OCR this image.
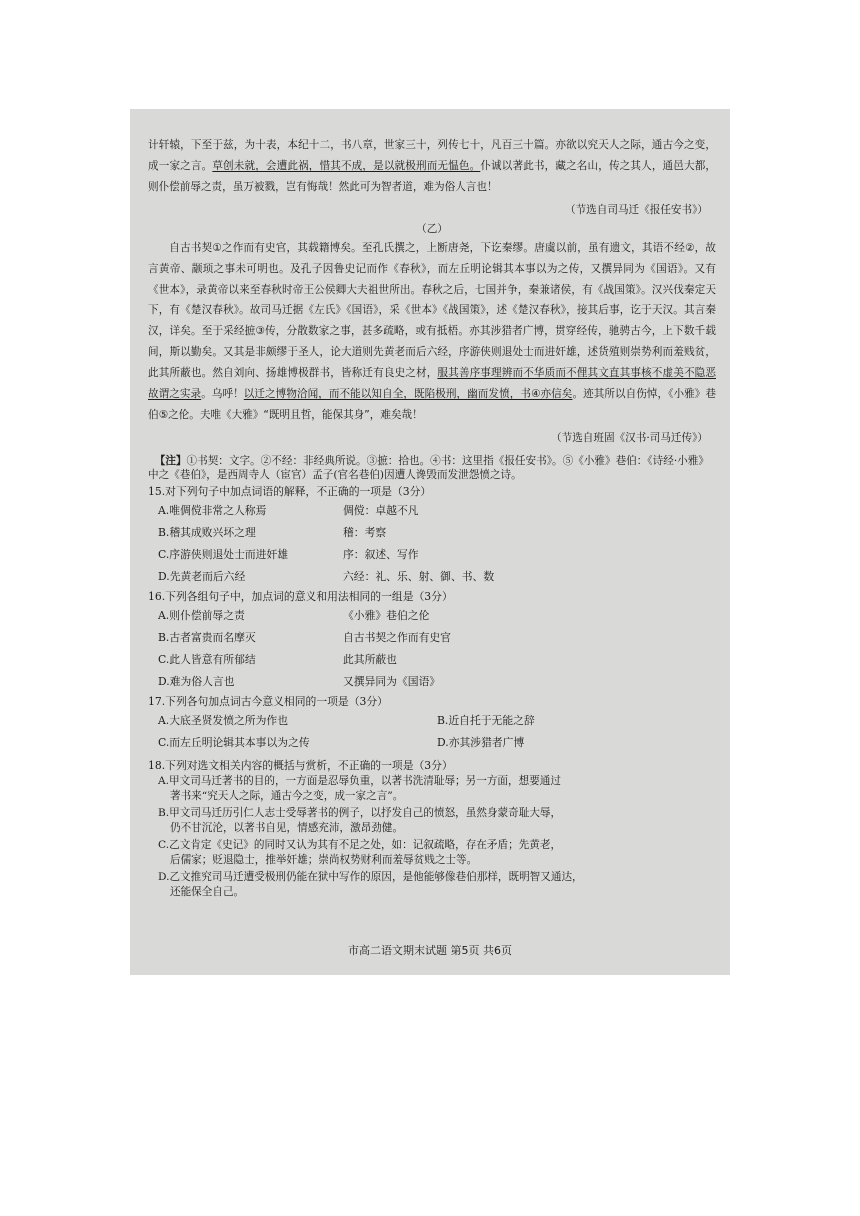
计轩辕，下至于兹，为十表，本纪十二，书八章，世家三十，列传七十，凡百三十篇。亦欲以究天人之际，通古今之变，成一家之言。草创未就，会遭此祸，惜其不成，是以就极刑而无愠色。仆诚以著此书，藏之名山，传之其人，通邑大都，则仆偿前辱之责，虽万被戮，岂有悔哉！然此可为智者道，难为俗人言也！

（节选自司马迁《报任安书》）

（乙）

自古书契①之作而有史官，其载籍博矣。至孔氏撰之，上断唐尧，下讫秦缪。唐虞以前，虽有遗文，其语不经②，故言黄帝、颛顼之事未可明也。及孔子因鲁史记而作《春秋》，而左丘明论辑其本事以为之传，又撰异同为《国语》。又有《世本》，录黄帝以来至春秋时帝王公侯卿大夫祖世所出。春秋之后，七国并争，秦兼诸侯，有《战国策》。汉兴伐秦定天下，有《楚汉春秋》。故司马迁据《左氏》《国语》，采《世本》《战国策》，述《楚汉春秋》，接其后事，讫于天汉。其言秦汉，详矣。至于采经摭③传，分散数家之事，甚多疏略，或有抵梧。亦其涉猎者广博，贯穿经传，驰骋古今，上下数千载间，斯以勤矣。又其是非颇缪于圣人，论大道则先黄老而后六经，序游侠则退处士而进奸雄，述货殖则崇势利而羞贱贫，此其所蔽也。然自刘向、扬雄博极群书，皆称迁有良史之材，服其善序事理辨而不华质而不俚其文直其事核不虚美不隐恶故谓之实录。乌呼！以迁之博物洽闻，而不能以知自全，既陷极刑，幽而发愤，书④亦信矣。迹其所以自伤悼，《小雅》巷伯⑤之伦。夫唯《大雅》“既明且哲，能保其身”，难矣哉！

（节选自班固《汉书·司马迁传》）

【注】①书契：文字。②不经：非经典所说。③摭：拾也。④书：这里指《报任安书》。⑤《小雅》巷伯：《诗经·小雅》中之《巷伯》，是西周寺人（宦官）孟子(官名巷伯)因遭人谗毁而发泄怨愤之诗。

15.对下列句子中加点词语的解释，不正确的一项是（3分）

A.唯倜傥非常之人称焉	倜傥：卓越不凡
B.稽其成败兴坏之理	稽：考察
C.序游侠则退处士而进奸雄	序：叙述、写作
D.先黄老而后六经	六经：礼、乐、射、御、书、数

16.下列各组句子中，加点词的意义和用法相同的一组是（3分）

A.则仆偿前辱之责	《小雅》巷伯之伦
B.古者富贵而名摩灭	自古书契之作而有史官
C.此人皆意有所郁结	此其所蔽也
D.难为俗人言也	又撰异同为《国语》

17.下列各句加点词古今意义相同的一项是（3分）

A.大底圣贤发愤之所为作也	B.近自托于无能之辞
C.而左丘明论辑其本事以为之传	D.亦其涉猎者广博

18.下列对选文相关内容的概括与赏析，不正确的一项是（3分）

A.甲文司马迁著书的目的，一方面是忍辱负重，以著书洗清耻辱；另一方面，想要通过
著书来“究天人之际，通古今之变，成一家之言”。

B.甲文司马迁历引仁人志士受辱著书的例子，以抒发自己的愤怒，虽然身蒙奇耻大辱，
仍不甘沉沦，以著书自见，情感充沛，激昂劲健。

C.乙文肯定《史记》的同时又认为其有不足之处，如：记叙疏略，存在矛盾；先黄老，
后儒家；贬退隐士，推举奸雄；崇尚权势财利而羞辱贫贱之士等。

D.乙文推究司马迁遭受极刑仍能在狱中写作的原因，是他能够像巷伯那样，既明智又通达，
还能保全自己。

市高二语文期末试题 第5页 共6页
